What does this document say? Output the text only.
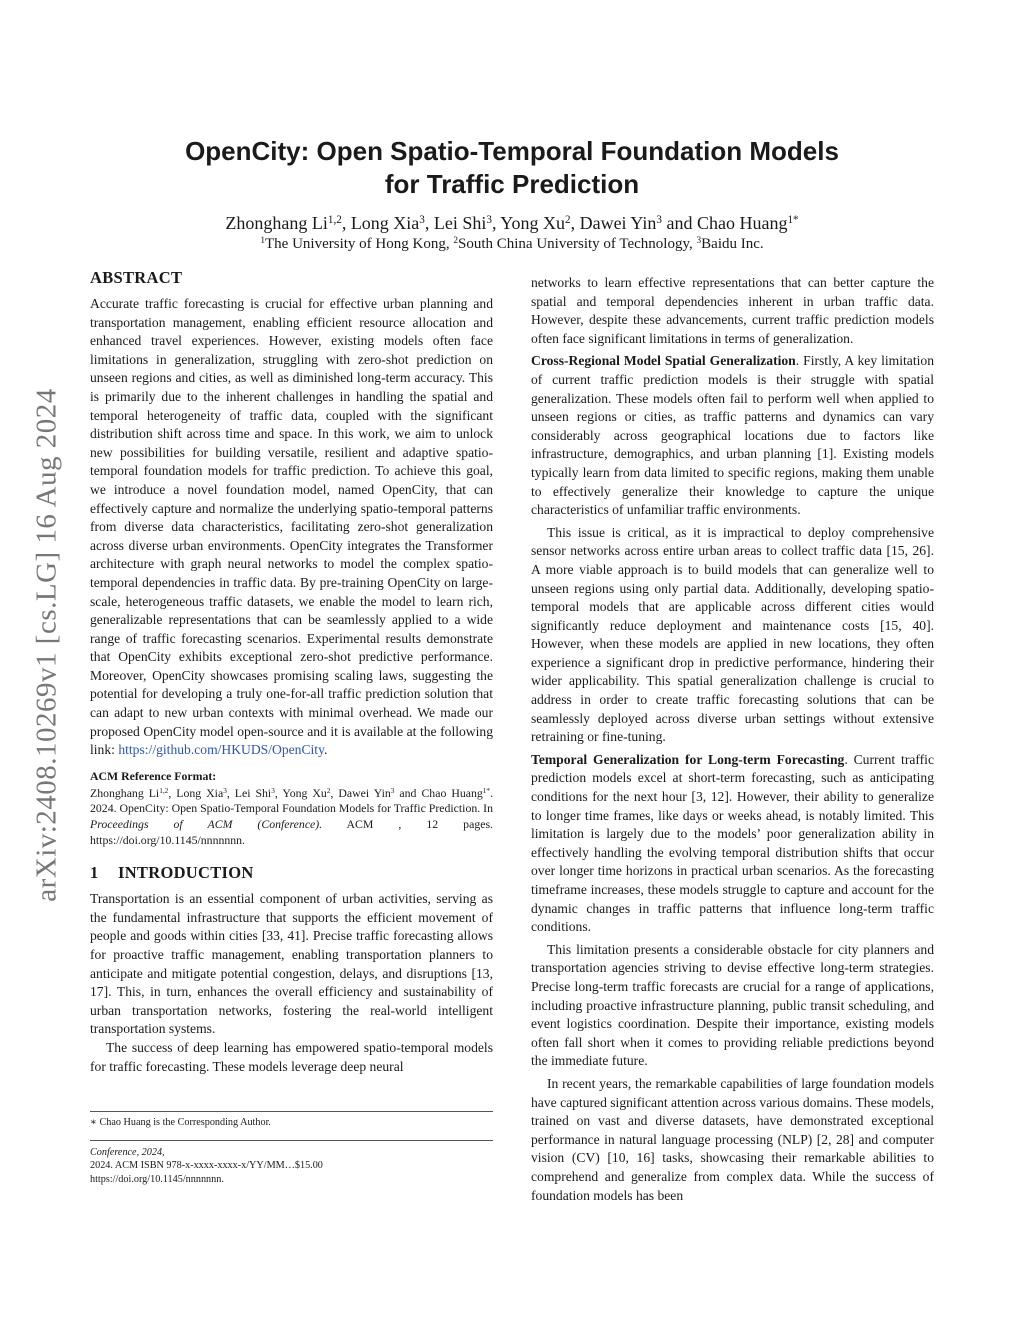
arXiv:2408.10269v1 [cs.LG] 16 Aug 2024
OpenCity: Open Spatio-Temporal Foundation Models
for Traffic Prediction
Zhonghang Li$^{1,2}$, Long Xia$^3$, Lei Shi$^3$, Yong Xu$^2$, Dawei Yin$^3$ and Chao Huang$^{1*}$
$^1$The University of Hong Kong, $^2$South China University of Technology, $^3$Baidu Inc.
ABSTRACT

Accurate traffic forecasting is crucial for effective urban planning and transportation management, enabling efficient resource allocation and enhanced travel experiences. However, existing models often face limitations in generalization, struggling with zero-shot prediction on unseen regions and cities, as well as diminished long-term accuracy. This is primarily due to the inherent challenges in handling the spatial and temporal heterogeneity of traffic data, coupled with the significant distribution shift across time and space. In this work, we aim to unlock new possibilities for building versatile, resilient and adaptive spatio-temporal foundation models for traffic prediction. To achieve this goal, we introduce a novel foundation model, named OpenCity, that can effectively capture and normalize the underlying spatio-temporal patterns from diverse data characteristics, facilitating zero-shot generalization across diverse urban environments. OpenCity integrates the Transformer architecture with graph neural networks to model the complex spatio-temporal dependencies in traffic data. By pre-training OpenCity on large-scale, heterogeneous traffic datasets, we enable the model to learn rich, generalizable representations that can be seamlessly applied to a wide range of traffic forecasting scenarios. Experimental results demonstrate that OpenCity exhibits exceptional zero-shot predictive performance. Moreover, OpenCity showcases promising scaling laws, suggesting the potential for developing a truly one-for-all traffic prediction solution that can adapt to new urban contexts with minimal overhead. We made our proposed OpenCity model open-source and it is available at the following link: https://github.com/HKUDS/OpenCity.

ACM Reference Format:

Zhonghang Li$^{1,2}$, Long Xia$^3$, Lei Shi$^3$, Yong Xu$^2$, Dawei Yin$^3$ and Chao Huang$^{1*}$. 2024. OpenCity: Open Spatio-Temporal Foundation Models for Traffic Prediction. In Proceedings of ACM (Conference). ACM , 12 pages. https://doi.org/10.1145/nnnnnnn.

1 INTRODUCTION

Transportation is an essential component of urban activities, serving as the fundamental infrastructure that supports the efficient movement of people and goods within cities [33, 41]. Precise traffic forecasting allows for proactive traffic management, enabling transportation planners to anticipate and mitigate potential congestion, delays, and disruptions [13, 17]. This, in turn, enhances the overall efficiency and sustainability of urban transportation networks, fostering the real-world intelligent transportation systems.

The success of deep learning has empowered spatio-temporal models for traffic forecasting. These models leverage deep neural

∗ Chao Huang is the Corresponding Author.

Conference, 2024,
2024. ACM ISBN 978-x-xxxx-xxxx-x/YY/MM…$15.00
https://doi.org/10.1145/nnnnnnn.

networks to learn effective representations that can better capture the spatial and temporal dependencies inherent in urban traffic data. However, despite these advancements, current traffic prediction models often face significant limitations in terms of generalization.

Cross-Regional Model Spatial Generalization. Firstly, A key limitation of current traffic prediction models is their struggle with spatial generalization. These models often fail to perform well when applied to unseen regions or cities, as traffic patterns and dynamics can vary considerably across geographical locations due to factors like infrastructure, demographics, and urban planning [1]. Existing models typically learn from data limited to specific regions, making them unable to effectively generalize their knowledge to capture the unique characteristics of unfamiliar traffic environments.

This issue is critical, as it is impractical to deploy comprehensive sensor networks across entire urban areas to collect traffic data [15, 26]. A more viable approach is to build models that can generalize well to unseen regions using only partial data. Additionally, developing spatio-temporal models that are applicable across different cities would significantly reduce deployment and maintenance costs [15, 40]. However, when these models are applied in new locations, they often experience a significant drop in predictive performance, hindering their wider applicability. This spatial generalization challenge is crucial to address in order to create traffic forecasting solutions that can be seamlessly deployed across diverse urban settings without extensive retraining or fine-tuning.

Temporal Generalization for Long-term Forecasting. Current traffic prediction models excel at short-term forecasting, such as anticipating conditions for the next hour [3, 12]. However, their ability to generalize to longer time frames, like days or weeks ahead, is notably limited. This limitation is largely due to the models’ poor generalization ability in effectively handling the evolving temporal distribution shifts that occur over longer time horizons in practical urban scenarios. As the forecasting timeframe increases, these models struggle to capture and account for the dynamic changes in traffic patterns that influence long-term traffic conditions.

This limitation presents a considerable obstacle for city planners and transportation agencies striving to devise effective long-term strategies. Precise long-term traffic forecasts are crucial for a range of applications, including proactive infrastructure planning, public transit scheduling, and event logistics coordination. Despite their importance, existing models often fall short when it comes to providing reliable predictions beyond the immediate future.

In recent years, the remarkable capabilities of large foundation models have captured significant attention across various domains. These models, trained on vast and diverse datasets, have demonstrated exceptional performance in natural language processing (NLP) [2, 28] and computer vision (CV) [10, 16] tasks, showcasing their remarkable abilities to comprehend and generalize from complex data. While the success of foundation models has been
